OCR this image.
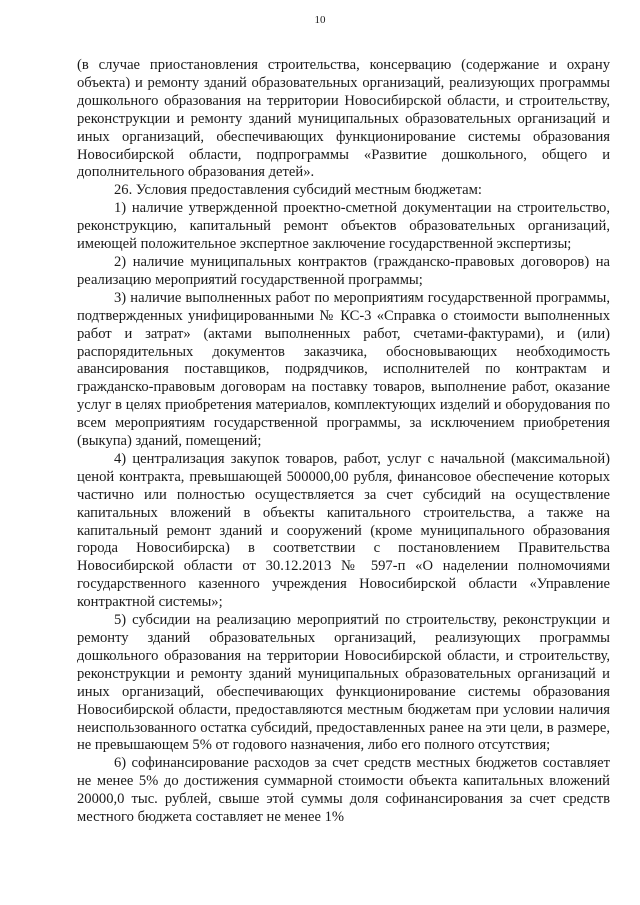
10

(в случае приостановления строительства, консервацию (содержание и охрану объекта) и ремонту зданий образовательных организаций, реализующих программы дошкольного образования на территории Новосибирской области, и строительству, реконструкции и ремонту зданий муниципальных образовательных организаций и иных организаций, обеспечивающих функционирование системы образования Новосибирской области, подпрограммы «Развитие дошкольного, общего и дополнительного образования детей».

26. Условия предоставления субсидий местным бюджетам:

1) наличие утвержденной проектно-сметной документации на строительство, реконструкцию, капитальный ремонт объектов образовательных организаций, имеющей положительное экспертное заключение государственной экспертизы;

2) наличие муниципальных контрактов (гражданско-правовых договоров) на реализацию мероприятий государственной программы;

3) наличие выполненных работ по мероприятиям государственной программы, подтвержденных унифицированными № КС-3 «Справка о стоимости выполненных работ и затрат» (актами выполненных работ, счетами-фактурами), и (или) распорядительных документов заказчика, обосновывающих необходимость авансирования поставщиков, подрядчиков, исполнителей по контрактам и гражданско-правовым договорам на поставку товаров, выполнение работ, оказание услуг в целях приобретения материалов, комплектующих изделий и оборудования по всем мероприятиям государственной программы, за исключением приобретения (выкупа) зданий, помещений;

4) централизация закупок товаров, работ, услуг с начальной (максимальной) ценой контракта, превышающей 500000,00 рубля, финансовое обеспечение которых частично или полностью осуществляется за счет субсидий на осуществление капитальных вложений в объекты капитального строительства, а также на капитальный ремонт зданий и сооружений (кроме муниципального образования города Новосибирска) в соответствии с постановлением Правительства Новосибирской области от 30.12.2013 № 597-п «О наделении полномочиями государственного казенного учреждения Новосибирской области «Управление контрактной системы»;

5) субсидии на реализацию мероприятий по строительству, реконструкции и ремонту зданий образовательных организаций, реализующих программы дошкольного образования на территории Новосибирской области, и строительству, реконструкции и ремонту зданий муниципальных образовательных организаций и иных организаций, обеспечивающих функционирование системы образования Новосибирской области, предоставляются местным бюджетам при условии наличия неиспользованного остатка субсидий, предоставленных ранее на эти цели, в размере, не превышающем 5% от годового назначения, либо его полного отсутствия;

6) софинансирование расходов за счет средств местных бюджетов составляет не менее 5% до достижения суммарной стоимости объекта капитальных вложений 20000,0 тыс. рублей, свыше этой суммы доля софинансирования за счет средств местного бюджета составляет не менее 1%
